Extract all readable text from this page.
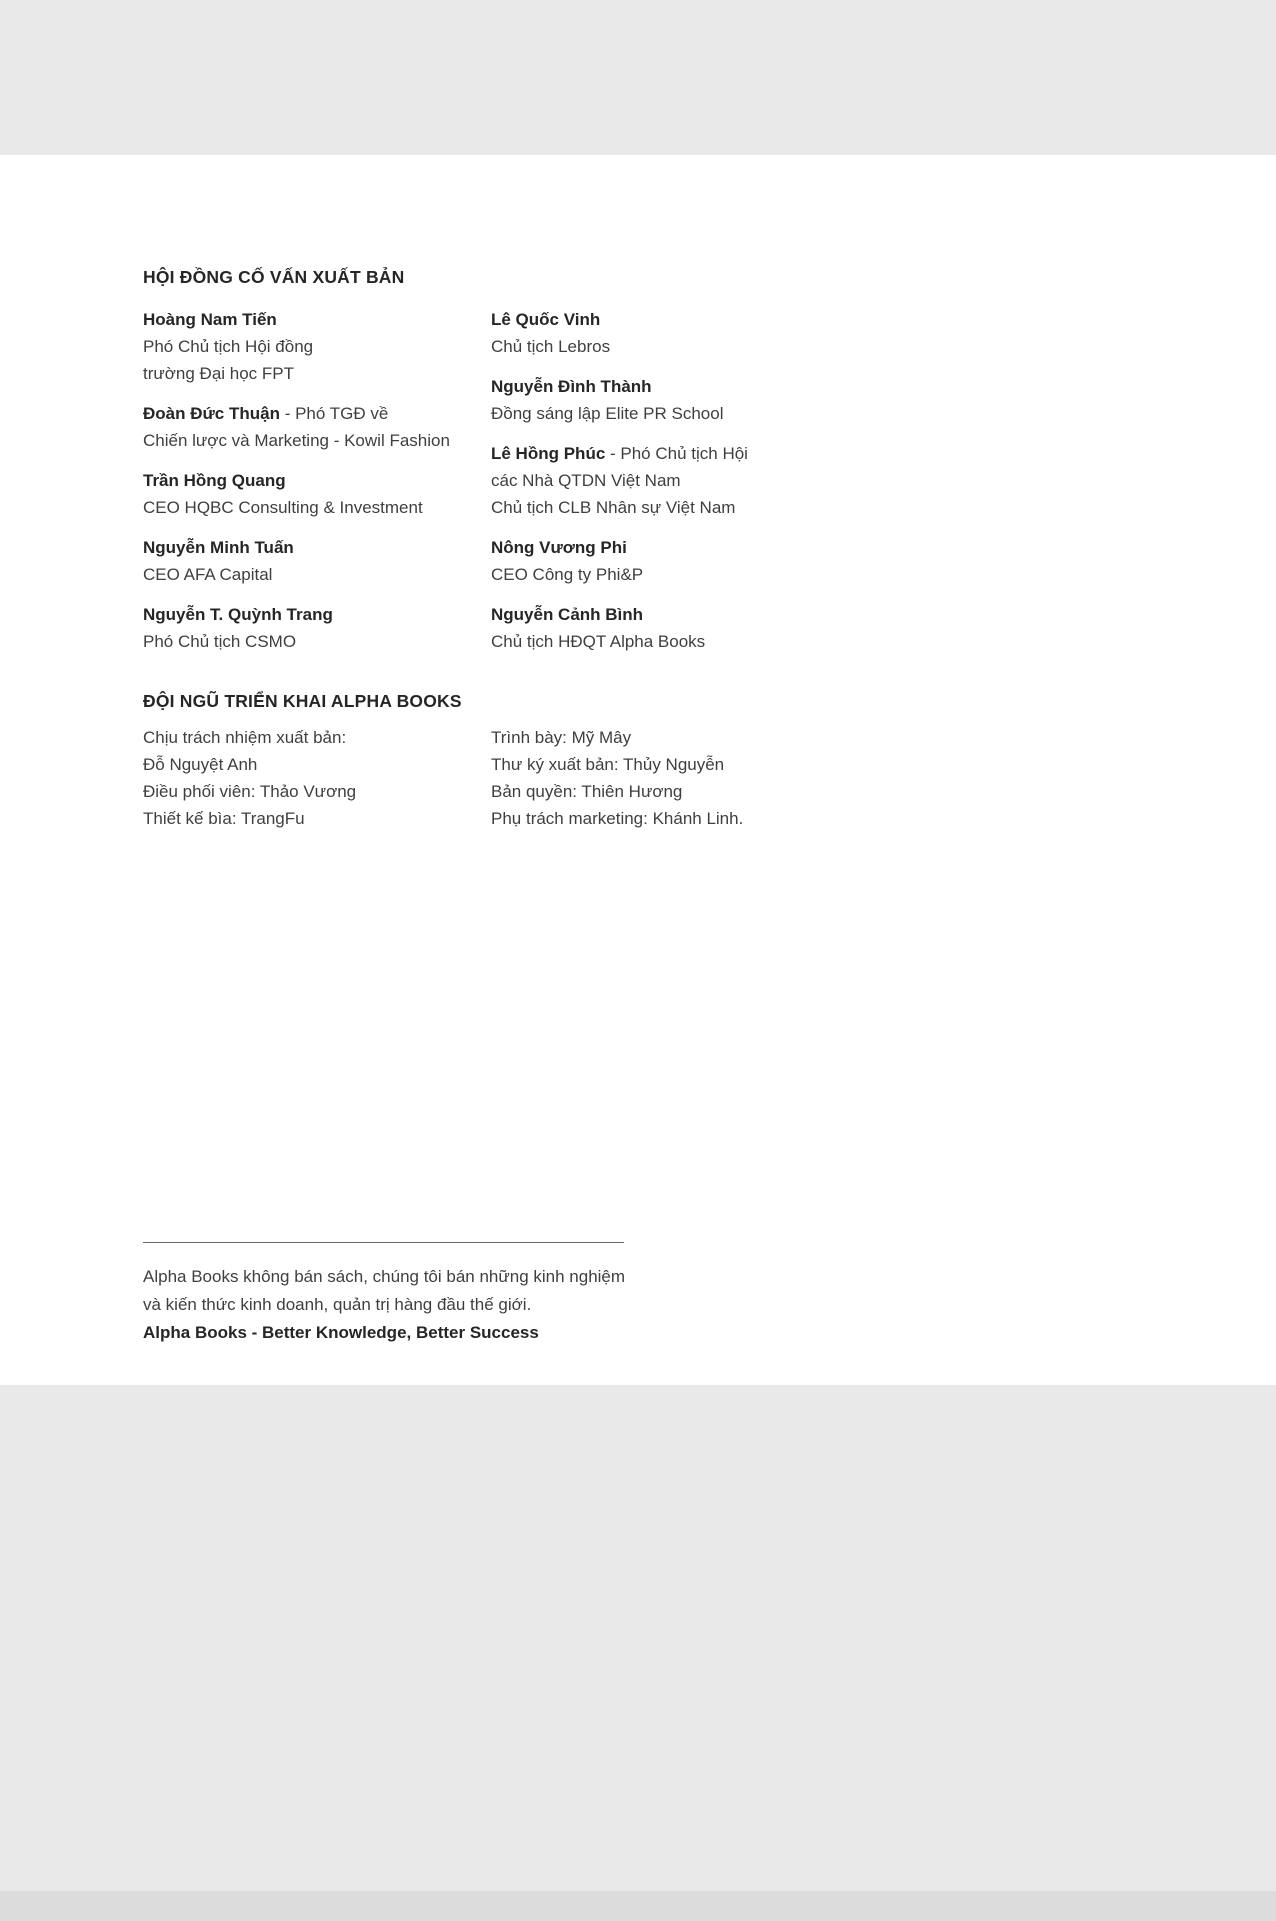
HỘI ĐỒNG CỐ VẤN XUẤT BẢN

Hoàng Nam Tiến

Phó Chủ tịch Hội đồng

trường Đại học FPT

Đoàn Đức Thuận - Phó TGĐ về

Chiến lược và Marketing - Kowil Fashion

Trần Hồng Quang

CEO HQBC Consulting & Investment

Nguyễn Minh Tuấn

CEO AFA Capital

Nguyễn T. Quỳnh Trang

Phó Chủ tịch CSMO

Lê Quốc Vinh

Chủ tịch Lebros

Nguyễn Đình Thành

Đồng sáng lập Elite PR School

Lê Hồng Phúc - Phó Chủ tịch Hội

các Nhà QTDN Việt Nam

Chủ tịch CLB Nhân sự Việt Nam

Nông Vương Phi

CEO Công ty Phi&P

Nguyễn Cảnh Bình

Chủ tịch HĐQT Alpha Books

ĐỘI NGŨ TRIỂN KHAI ALPHA BOOKS

Chịu trách nhiệm xuất bản:

Đỗ Nguyệt Anh

Điều phối viên: Thảo Vương

Thiết kế bìa: TrangFu

Trình bày: Mỹ Mây

Thư ký xuất bản: Thủy Nguyễn

Bản quyền: Thiên Hương

Phụ trách marketing: Khánh Linh.

Alpha Books không bán sách, chúng tôi bán những kinh nghiệm

và kiến thức kinh doanh, quản trị hàng đầu thế giới.

Alpha Books - Better Knowledge, Better Success
